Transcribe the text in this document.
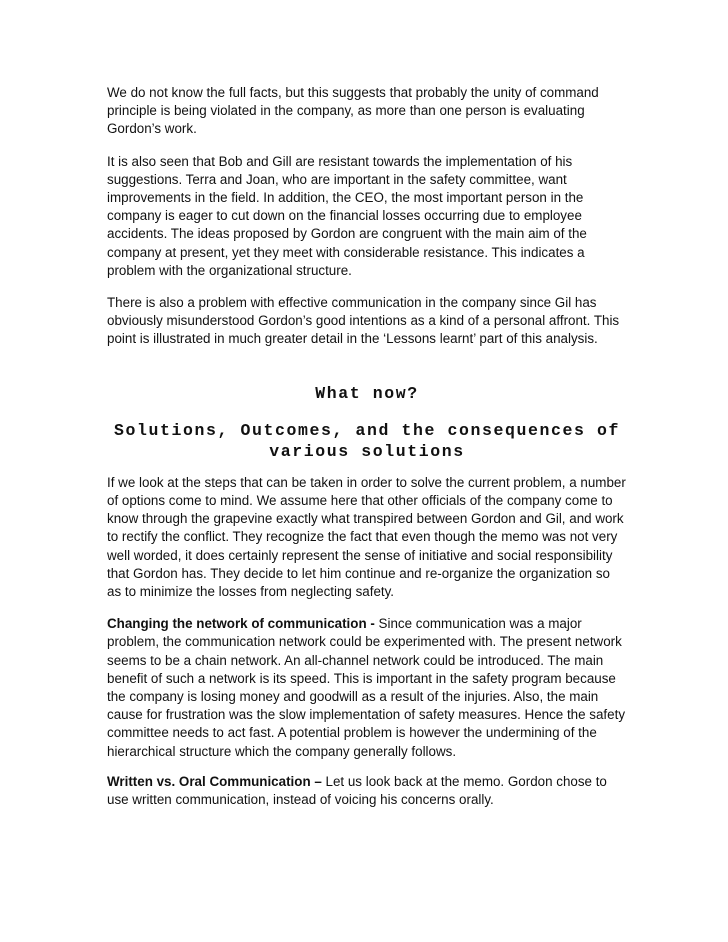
We do not know the full facts, but this suggests that probably the unity of command principle is being violated in the company, as more than one person is evaluating Gordon’s work.

It is also seen that Bob and Gill are resistant towards the implementation of his suggestions. Terra and Joan, who are important in the safety committee, want improvements in the field. In addition, the CEO, the most important person in the company is eager to cut down on the financial losses occurring due to employee accidents. The ideas proposed by Gordon are congruent with the main aim of the company at present, yet they meet with considerable resistance. This indicates a problem with the organizational structure.

There is also a problem with effective communication in the company since Gil has obviously misunderstood Gordon’s good intentions as a kind of a personal affront. This point is illustrated in much greater detail in the ‘Lessons learnt’ part of this analysis.

What now?
Solutions, Outcomes, and the consequences of various solutions

If we look at the steps that can be taken in order to solve the current problem, a number of options come to mind. We assume here that other officials of the company come to know through the grapevine exactly what transpired between Gordon and Gil, and work to rectify the conflict. They recognize the fact that even though the memo was not very well worded, it does certainly represent the sense of initiative and social responsibility that Gordon has. They decide to let him continue and re-organize the organization so as to minimize the losses from neglecting safety.

Changing the network of communication - Since communication was a major problem, the communication network could be experimented with. The present network seems to be a chain network. An all-channel network could be introduced. The main benefit of such a network is its speed. This is important in the safety program because the company is losing money and goodwill as a result of the injuries. Also, the main cause for frustration was the slow implementation of safety measures. Hence the safety committee needs to act fast. A potential problem is however the undermining of the hierarchical structure which the company generally follows.

Written vs. Oral Communication – Let us look back at the memo. Gordon chose to use written communication, instead of voicing his concerns orally.
